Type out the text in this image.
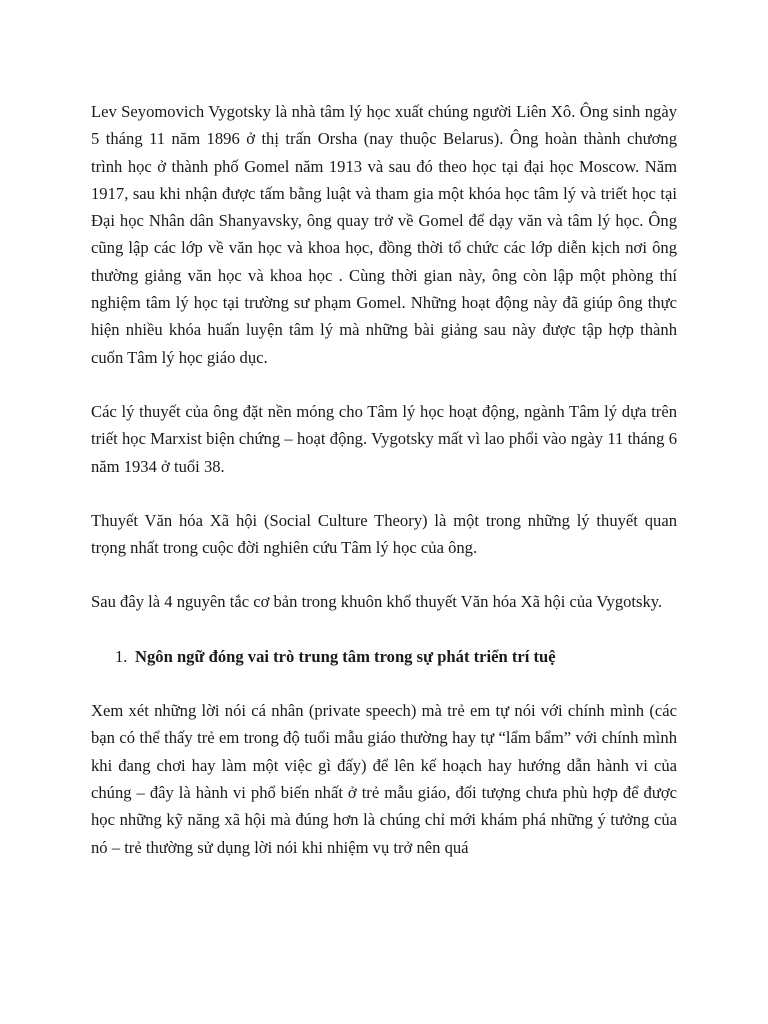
Lev Seyomovich Vygotsky là nhà tâm lý học xuất chúng người Liên Xô. Ông sinh ngày 5 tháng 11 năm 1896 ở thị trấn Orsha (nay thuộc Belarus). Ông hoàn thành chương trình học ở thành phố Gomel năm 1913 và sau đó theo học tại đại học Moscow. Năm 1917, sau khi nhận được tấm bằng luật và tham gia một khóa học tâm lý và triết học tại Đại học Nhân dân Shanyavsky, ông quay trở về Gomel để dạy văn và tâm lý học. Ông cũng lập các lớp về văn học và khoa học, đồng thời tổ chức các lớp diễn kịch nơi ông thường giảng văn học và khoa học . Cùng thời gian này, ông còn lập một phòng thí nghiệm tâm lý học tại trường sư phạm Gomel. Những hoạt động này đã giúp ông thực hiện nhiều khóa huấn luyện tâm lý mà những bài giảng sau này được tập hợp thành cuốn Tâm lý học giáo dục.

Các lý thuyết của ông đặt nền móng cho Tâm lý học hoạt động, ngành Tâm lý dựa trên triết học Marxist biện chứng – hoạt động. Vygotsky mất vì lao phổi vào ngày 11 tháng 6 năm 1934 ở tuổi 38.

Thuyết Văn hóa Xã hội (Social Culture Theory) là một trong những lý thuyết quan trọng nhất trong cuộc đời nghiên cứu Tâm lý học của ông.

Sau đây là 4 nguyên tắc cơ bản trong khuôn khổ thuyết Văn hóa Xã hội của Vygotsky.

1. Ngôn ngữ đóng vai trò trung tâm trong sự phát triển trí tuệ

Xem xét những lời nói cá nhân (private speech) mà trẻ em tự nói với chính mình (các bạn có thể thấy trẻ em trong độ tuổi mẫu giáo thường hay tự “lẩm bẩm” với chính mình khi đang chơi hay làm một việc gì đấy) để lên kế hoạch hay hướng dẫn hành vi của chúng – đây là hành vi phổ biến nhất ở trẻ mẫu giáo, đối tượng chưa phù hợp để được học những kỹ năng xã hội mà đúng hơn là chúng chỉ mới khám phá những ý tưởng của nó – trẻ thường sử dụng lời nói khi nhiệm vụ trở nên quá
